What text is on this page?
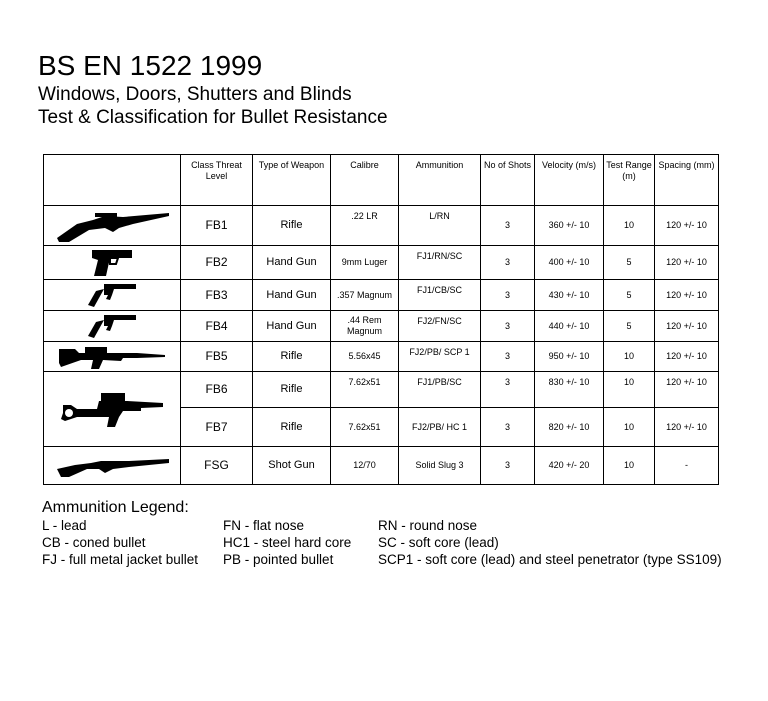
BS EN 1522 1999
Windows, Doors, Shutters and Blinds
Test & Classification for Bullet Resistance
	Class Threat Level	Type of Weapon	Calibre	Ammunition	No of Shots	Velocity (m/s)	Test Range (m)	Spacing (mm)

	FB1	Rifle	.22 LR	L/RN	3	360 +/- 10	10	120 +/- 10

	FB2	Hand Gun	9mm Luger	FJ1/RN/SC	3	400 +/- 10	5	120 +/- 10

	FB3	Hand Gun	.357 Magnum	FJ1/CB/SC	3	430 +/- 10	5	120 +/- 10

	FB4	Hand Gun	.44 Rem Magnum	FJ2/FN/SC	3	440 +/- 10	5	120 +/- 10

	FB5	Rifle	5.56x45	FJ2/PB/ SCP 1	3	950 +/- 10	10	120 +/- 10

	FB6	Rifle	7.62x51	FJ1/PB/SC	3	830 +/- 10	10	120 +/- 10
	FB7	Rifle	7.62x51	FJ2/PB/ HC 1	3	820 +/- 10	10	120 +/- 10

	FSG	Shot Gun	12/70	Solid Slug 3	3	420 +/- 20	10	-
Ammunition Legend:
L - lead
CB - coned bullet
FJ - full metal jacket bullet
FN - flat nose
HC1 - steel hard core
PB - pointed bullet
RN - round nose
SC - soft core (lead)
SCP1 - soft core (lead) and steel penetrator (type SS109)
